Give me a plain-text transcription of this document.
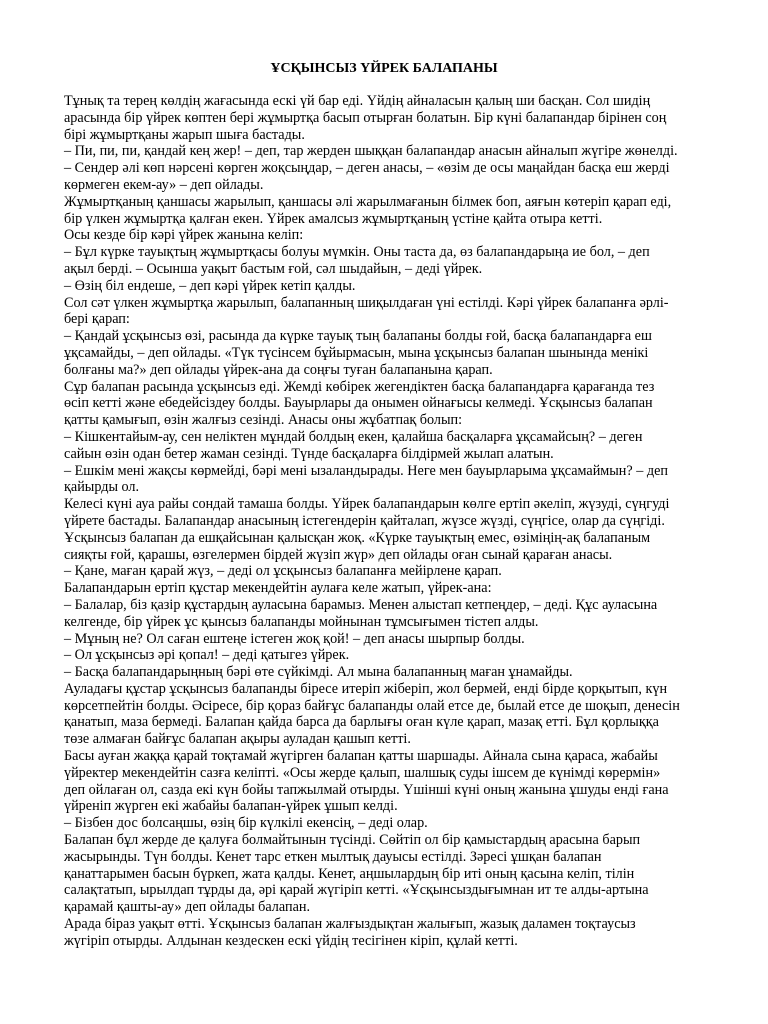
ҰСҚЫНСЫЗ ҮЙРЕК БАЛАПАНЫ
Тұнық та терең көлдің жағасында ескі үй бар еді. Үйдің айналасын қалың ши басқан. Сол шидің
арасында бір үйрек көптен бері жұмыртқа басып отырған болатын. Бір күні балапандар бірінен соң
бірі жұмыртқаны жарып шыға бастады.
– Пи, пи, пи, қандай кең жер! – деп, тар жерден шыққан балапандар анасын айналып жүгіре жөнелді.
– Сендер әлі көп нәрсені көрген жоқсыңдар, – деген анасы, – «өзім де осы маңайдан басқа еш жерді
көрмеген екем-ау» – деп ойлады.
Жұмыртқаның қаншасы жарылып, қаншасы әлі жарылмағанын білмек боп, аяғын көтеріп қарап еді,
бір үлкен жұмыртқа қалған екен. Үйрек амалсыз жұмыртқаның үстіне қайта отыра кетті.
Осы кезде бір кәрі үйрек жанына келіп:
– Бұл күрке тауықтың жұмыртқасы болуы мүмкін. Оны таста да, өз балапандарыңа ие бол, – деп
ақыл берді. – Осынша уақыт бастым ғой, сәл шыдайын, – деді үйрек.
– Өзің біл ендеше, – деп кәрі үйрек кетіп қалды.
Сол сәт үлкен жұмыртқа жарылып, балапанның шиқылдаған үні естілді. Кәрі үйрек балапанға әрлі-
бері қарап:
– Қандай ұсқынсыз өзі, расында да күрке тауық тың балапаны болды ғой, басқа балапандарға еш
ұқсамайды, – деп ойлады. «Түк түсінсем бұйырмасын, мына ұсқынсыз балапан шынында менікі
болғаны ма?» деп ойлады үйрек-ана да соңғы туған балапанына қарап.
Сұр балапан расында ұсқынсыз еді. Жемді көбірек жегендіктен басқа балапандарға қарағанда тез
өсіп кетті және ебедейсіздеу болды. Бауырлары да онымен ойнағысы келмеді. Ұсқынсыз балапан
қатты қамығып, өзін жалғыз сезінді. Анасы оны жұбатпақ болып:
– Кішкентайым-ау, сен неліктен мұндай болдың екен, қалайша басқаларға ұқсамайсың? – деген
сайын өзін одан бетер жаман сезінді. Түнде басқаларға білдірмей жылап алатын.
– Ешкім мені жақсы көрмейді, бәрі мені ызаландырады. Неге мен бауырларыма ұқсамаймын? – деп
қайырды ол.
Келесі күні ауа райы сондай тамаша болды. Үйрек балапандарын көлге ертіп әкеліп, жүзуді, сүңгуді
үйрете бастады. Балапандар анасының істегендерін қайталап, жүзсе жүзді, сүңгісе, олар да сүңгіді.
Ұсқынсыз балапан да ешқайсынан қалысқан жоқ. «Күрке тауықтың емес, өзіміңің-ақ балапаным
сияқты ғой, қарашы, өзгелермен бірдей жүзіп жүр» деп ойлады оған сынай қараған анасы.
– Қане, маған қарай жүз, – деді ол ұсқынсыз балапанға мейірлене қарап.
Балапандарын ертіп құстар мекендейтін аулаға келе жатып, үйрек-ана:
– Балалар, біз қазір құстардың ауласына барамыз. Менен алыстап кетпеңдер, – деді. Құс ауласына
келгенде, бір үйрек ұс қынсыз балапанды мойнынан тұмсығымен тістеп алды.
– Мұның не? Ол саған ештеңе істеген жоқ қой! – деп анасы шырпыр болды.
– Ол ұсқынсыз әрі қопал! – деді қатыгез үйрек.
– Басқа балапандарыңның бәрі өте сүйкімді. Ал мына балапанның маған ұнамайды.
Ауладағы құстар ұсқынсыз балапанды біресе итеріп жіберіп, жол бермей, енді бірде қорқытып, күн
көрсетпейтін болды. Әсіресе, бір қораз байғұс балапанды олай етсе де, былай етсе де шоқып, денесін
қанатып, маза бермеді. Балапан қайда барса да барлығы оған күле қарап, мазақ етті. Бұл қорлыққа
төзе алмаған байғұс балапан ақыры ауладан қашып кетті.
Басы ауған жаққа қарай тоқтамай жүгірген балапан қатты шаршады. Айнала сына қараса, жабайы
үйректер мекендейтін сазға келіпті. «Осы жерде қалып, шалшық суды ішсем де күнімді көрермін»
деп ойлаған ол, сазда екі күн бойы тапжылмай отырды. Үшінші күні оның жанына ұшуды енді ғана
үйреніп жүрген екі жабайы балапан-үйрек ұшып келді.
– Бізбен дос болсаңшы, өзің бір күлкілі екенсің, – деді олар.
Балапан бұл жерде де қалуға болмайтынын түсінді. Сөйтіп ол бір қамыстардың арасына барып
жасырынды. Түн болды. Кенет тарс еткен мылтық дауысы естілді. Зәресі ұшқан балапан
қанаттарымен басын бүркеп, жата қалды. Кенет, аңшылардың бір иті оның қасына келіп, тілін
салақтатып, ырылдап тұрды да, әрі қарай жүгіріп кетті. «Ұсқынсыздығымнан ит те алды-артына
қарамай қашты-ау» деп ойлады балапан.
Арада біраз уақыт өтті. Ұсқынсыз балапан жалғыздықтан жалығып, жазық даламен тоқтаусыз
жүгіріп отырды. Алдынан кездескен ескі үйдің тесігінен кіріп, құлай кетті.
